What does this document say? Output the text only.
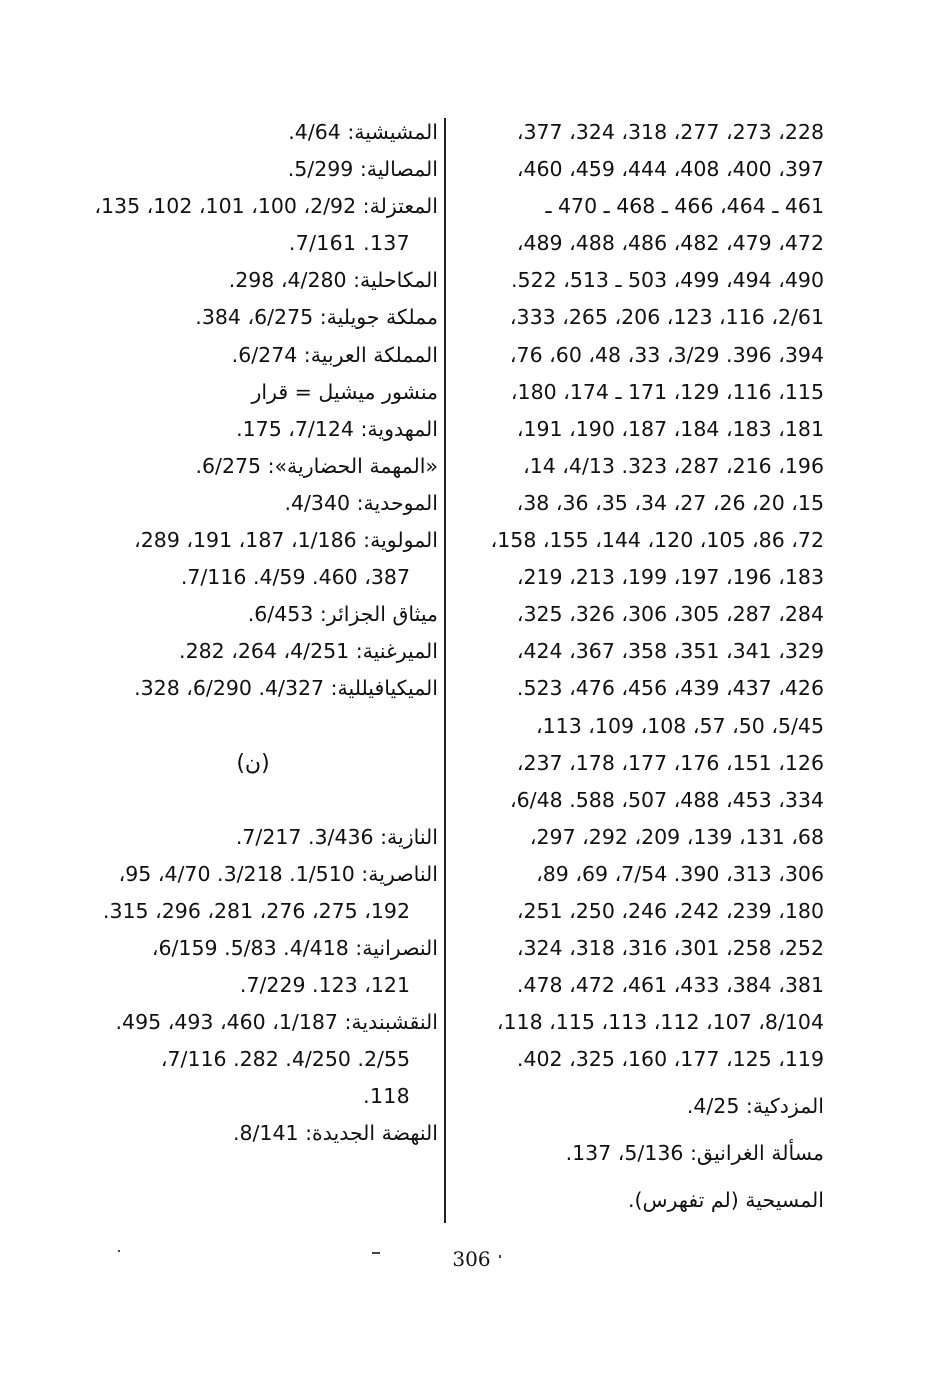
228، 273، 277، 318، 324، 377،
397، 400، 408، 444، 459، 460،
461 ـ 464، 466 ـ 468 ـ 470 ـ
472، 479، 482، 486، 488، 489،
490، 494، 499، 503 ـ 513، 522.
2/61، 116، 123، 206، 265، 333،
394، 396. 3/29، 33، 48، 60، 76،
115، 116، 129، 171 ـ 174، 180،
181، 183، 184، 187، 190، 191،
196، 216، 287، 323. 4/13، 14،
15، 20، 26، 27، 34، 35، 36، 38،
72، 86، 105، 120، 144، 155، 158،
183، 196، 197، 199، 213، 219،
284، 287، 305، 306، 326، 325،
329، 341، 351، 358، 367، 424،
426، 437، 439، 456، 476، 523.
5/45، 50، 57، 108، 109، 113،
126، 151، 176، 177، 178، 237،
334، 453، 488، 507، 588. 6/48،
68، 131، 139، 209، 292، 297،
306، 313، 390. 7/54، 69، 89،
180، 239، 242، 246، 250، 251،
252، 258، 301، 316، 318، 324،
381، 384، 433، 461، 472، 478.
8/104، 107، 112، 113، 115، 118،
119، 125، 177، 160، 325، 402.
المزدكية: 4/25.
مسألة الغرانيق: 5/136، 137.
المسيحية (لم تفهرس).
المشيشية: 4/64.
المصالية: 5/299.
المعتزلة: 2/92، 100، 101، 102، 135،
137. 7/161.
المكاحلية: 4/280، 298.
مملكة جويلية: 6/275، 384.
المملكة العربية: 6/274.
منشور ميشيل = قرار
المهدوية: 7/124، 175.
«المهمة الحضارية»: 6/275.
الموحدية: 4/340.
المولوية: 1/186، 187، 191، 289،
387، 460. 4/59. 7/116.
ميثاق الجزائر: 6/453.
الميرغنية: 4/251، 264، 282.
الميكيافيللية: 4/327. 6/290، 328.
(ن)
النازية: 3/436. 7/217.
الناصرية: 1/510. 3/218. 4/70، 95،
192، 275، 276، 281، 296، 315.
النصرانية: 4/418. 5/83. 6/159،
121، 123. 7/229.
النقشبندية: 1/187، 460، 493، 495.
2/55. 4/250. 282. 7/116،
118.
النهضة الجديدة: 8/141.
306
